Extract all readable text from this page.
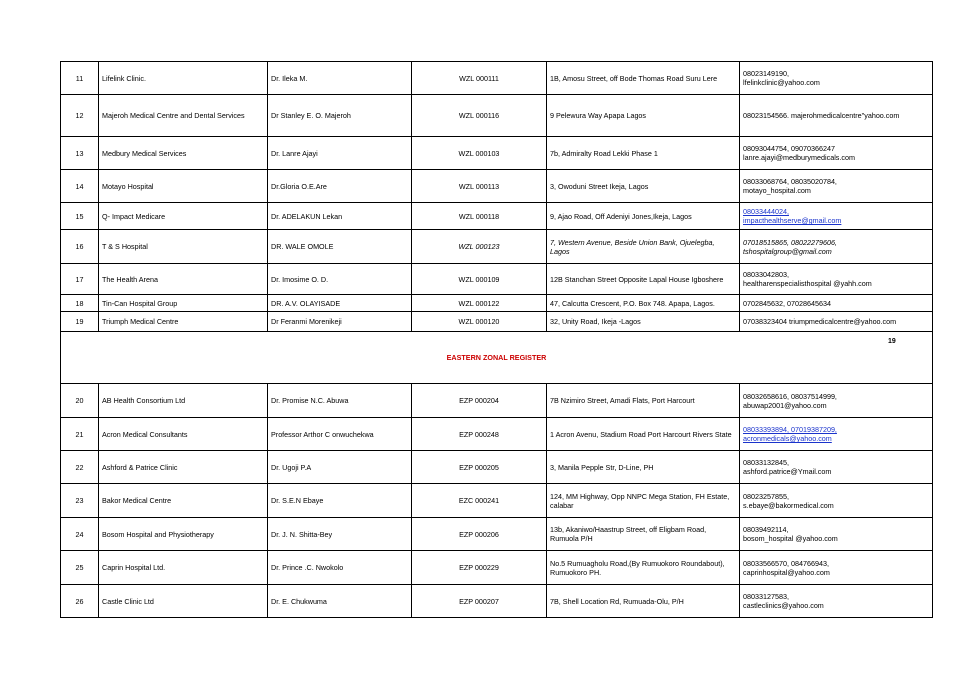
11	Lifelink Clinic.	Dr. Ileka M.	WZL 000111	1B, Amosu Street, off Bode Thomas Road Suru Lere	08023149190,
lfelinkclinic@yahoo.com

12	Majeroh Medical Centre and Dental Services	Dr Stanley E. O. Majeroh	WZL 000116	9 Pelewura Way Apapa Lagos	08023154566. majerohmedicalcentre"yahoo.com

13	Medbury Medical Services	Dr. Lanre Ajayi	WZL 000103	7b, Admiralty Road Lekki Phase 1	08093044754, 09070366247
lanre.ajayi@medburymedicals.com

14	Motayo Hospital	Dr.Gloria O.E.Are	WZL 000113	3, Owoduni Street Ikeja, Lagos	08033068764, 08035020784,
motayo_hospital.com

15	Q- Impact Medicare	Dr. ADELAKUN Lekan	WZL 000118	9, Ajao Road, Off Adeniyi Jones,Ikeja, Lagos	08033444024,
impacthealthserve@gmail.com

16	T & S Hospital	DR. WALE OMOLE	WZL 000123	7, Western Avenue, Beside Union Bank, Ojuelegba, Lagos	07018515865, 08022279606,
tshospitalgroup@gmail.com

17	The Health Arena	Dr. Imosime O. D.	WZL 000109	12B Stanchan Street Opposite Lapal House Igboshere	08033042803,
healtharenspecialisthospital @yahh.com

18	Tin-Can Hospital Group	DR. A.V. OLAYISADE	WZL 000122	47, Calcutta Crescent, P.O. Box 748. Apapa, Lagos.	0702845632, 07028645634

19	Triumph Medical Centre	Dr Feranmi Morenikeji	WZL 000120	32, Unity Road, Ikeja -Lagos	07038323404 triumpmedicalcentre@yahoo.com

EASTERN ZONAL REGISTER					
20	AB Health Consortium Ltd	Dr. Promise N.C. Abuwa	EZP 000204	7B Nzimiro Street, Amadi Flats, Port Harcourt	08032658616, 08037514999,
abuwap2001@yahoo.com

21	Acron Medical Consultants	Professor Arthor C onwuchekwa	EZP 000248	1 Acron Avenu, Stadium Road Port Harcourt Rivers State	08033393894, 07019387209,
acronmedicals@yahoo.com

22	Ashford & Patrice Clinic	Dr. Ugoji P.A	EZP 000205	3, Manila Pepple Str, D-Line, PH	08033132845,
ashford.patrice@Ymail.com

23	Bakor Medical Centre	Dr. S.E.N Ebaye	EZC 000241	124, MM Highway, Opp NNPC Mega Station, FH Estate, calabar	08023257855,
s.ebaye@bakormedical.com

24	Bosom Hospital and Physiotherapy	Dr. J. N. Shitta-Bey	EZP 000206	13b, Akaniwo/Haastrup Street, off Eligbam Road, Rumuola P/H	08039492114,
bosom_hospital @yahoo.com

25	Caprin Hospital Ltd.	Dr. Prince .C. Nwokolo	EZP 000229	No.5 Rumuagholu Road,(By Rumuokoro Roundabout), Rumuokoro PH.	08033566570, 084766943,
caprinhospital@yahoo.com

26	Castle Clinic Ltd	Dr. E. Chukwuma	EZP 000207	7B, Shell Location Rd, Rumuada-Olu, P/H	08033127583,
castleclinics@yahoo.com
19
